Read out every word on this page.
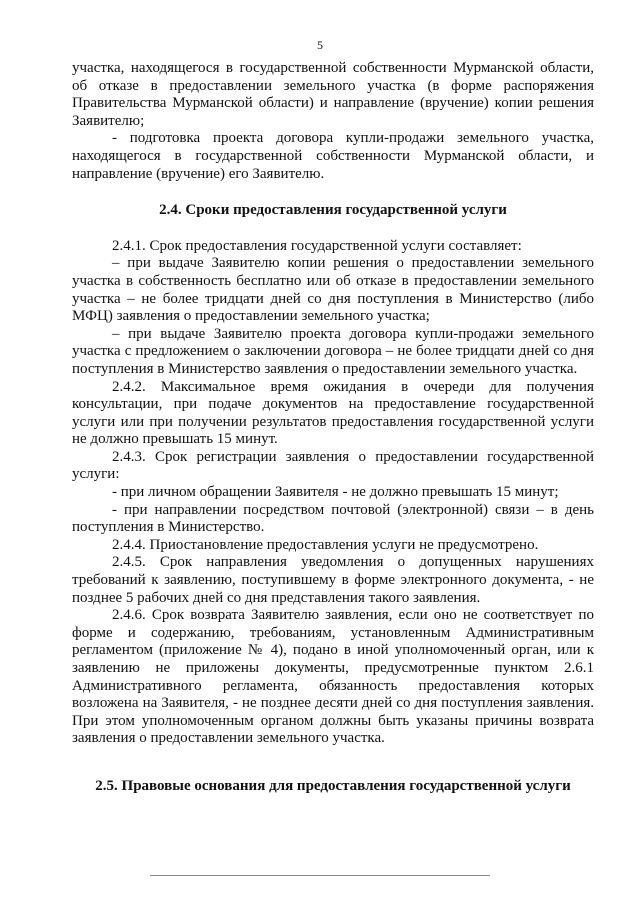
5

участка, находящегося в государственной собственности Мурманской области, об отказе в предоставлении земельного участка (в форме распоряжения Правительства Мурманской области) и направление (вручение) копии решения Заявителю;

- подготовка проекта договора купли-продажи земельного участка, находящегося в государственной собственности Мурманской области, и направление (вручение) его Заявителю.

2.4. Сроки предоставления государственной услуги

2.4.1. Срок предоставления государственной услуги составляет:

– при выдаче Заявителю копии решения о предоставлении земельного участка в собственность бесплатно или об отказе в предоставлении земельного участка – не более тридцати дней со дня поступления в Министерство (либо МФЦ) заявления о предоставлении земельного участка;

– при выдаче Заявителю проекта договора купли-продажи земельного участка с предложением о заключении договора – не более тридцати дней со дня поступления в Министерство заявления о предоставлении земельного участка.

2.4.2. Максимальное время ожидания в очереди для получения консультации, при подаче документов на предоставление государственной услуги или при получении результатов предоставления государственной услуги не должно превышать 15 минут.

2.4.3. Срок регистрации заявления о предоставлении государственной услуги:

- при личном обращении Заявителя - не должно превышать 15 минут;

- при направлении посредством почтовой (электронной) связи – в день поступления в Министерство.

2.4.4. Приостановление предоставления услуги не предусмотрено.

2.4.5. Срок направления уведомления о допущенных нарушениях требований к заявлению, поступившему в форме электронного документа, - не позднее 5 рабочих дней со дня представления такого заявления.

2.4.6. Срок возврата Заявителю заявления, если оно не соответствует по форме и содержанию, требованиям, установленным Административным регламентом (приложение № 4), подано в иной уполномоченный орган, или к заявлению не приложены документы, предусмотренные пунктом 2.6.1 Административного регламента, обязанность предоставления которых возложена на Заявителя, - не позднее десяти дней со дня поступления заявления. При этом уполномоченным органом должны быть указаны причины возврата заявления о предоставлении земельного участка.

2.5. Правовые основания для предоставления государственной услуги
